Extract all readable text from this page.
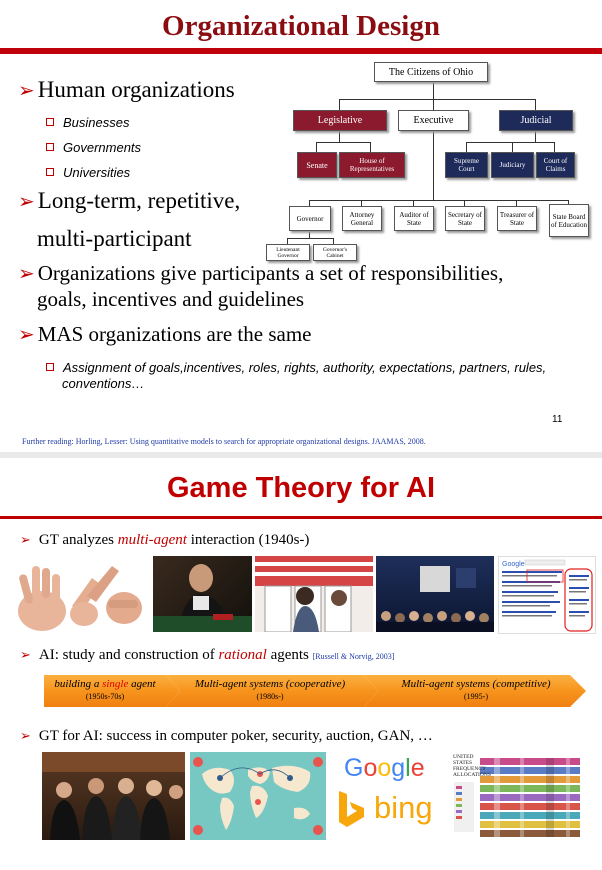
Organizational Design
➢ Human organizations
Businesses
Governments
Universities
➢ Long-term, repetitive,
multi-participant
➢ Organizations give participants a set of responsibilities,
goals, incentives and guidelines
➢ MAS organizations are the same
Assignment of goals,incentives, roles, rights, authority, expectations, partners, rules,
conventions…
The Citizens of Ohio
Legislative	Executive	Judicial
Senate	House of Representatives
Supreme Court	Judiciary	Court of Claims
Governor	Attorney General
Auditor of State
Secretary of State
Treasurer of State
State Board of Education
Lieutenant Governor
Governor's Cabinet
11
Further reading: Horling, Lesser: Using quantitative models to search for appropriate organizational designs. JAAMAS, 2008.
Game Theory for AI
➢ GT analyzes multi-agent interaction (1940s-)
Google
➢ AI: study and construction of rational agents [Russell & Norvig, 2003]
building a single agent
(1950s-70s)
Multi-agent systems (cooperative)
(1980s-)
Multi-agent systems (competitive)
(1995-)
➢ GT for AI: success in computer poker, security, auction, GAN, …
Google
bing
UNITED
STATES
FREQUENCY
ALLOCATIONS
